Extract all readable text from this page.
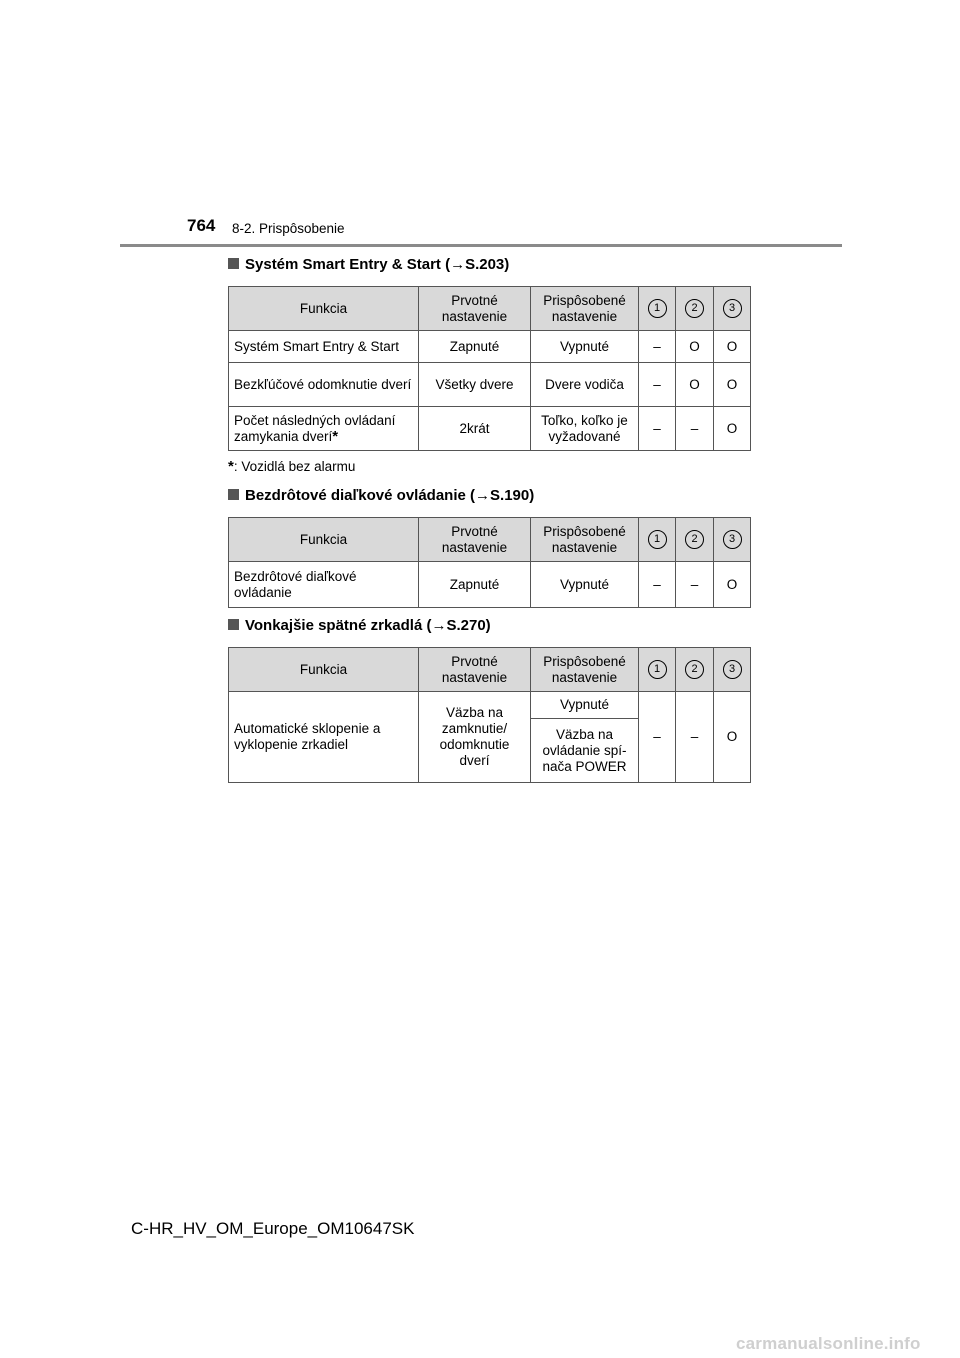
764 8-2. Prispôsobenie
Systém Smart Entry & Start (→S.203)
Funkcia	Prvotné nastavenie	Prispôsobené nastavenie	1	2	3
Systém Smart Entry & Start	Zapnuté	Vypnuté	–	O	O
Bezkľúčové odomknutie dverí	Všetky dvere	Dvere vodiča	–	O	O
Počet následných ovládaní zamykania dverí*	2krát	Toľko, koľko je vyžadované	–	–	O
*: Vozidlá bez alarmu
Bezdrôtové diaľkové ovládanie (→S.190)
Funkcia	Prvotné nastavenie	Prispôsobené nastavenie	1	2	3
Bezdrôtové diaľkové ovládanie	Zapnuté	Vypnuté	–	–	O
Vonkajšie spätné zrkadlá (→S.270)
Funkcia	Prvotné nastavenie	Prispôsobené nastavenie	1	2	3
Automatické sklopenie a vyklopenie zrkadiel	Väzba na zamknutie/ odomknutie dverí	Vypnuté	–	–	O
		Väzba na ovládanie spí- nača POWER			
C-HR_HV_OM_Europe_OM10647SK
carmanualsonline.info
